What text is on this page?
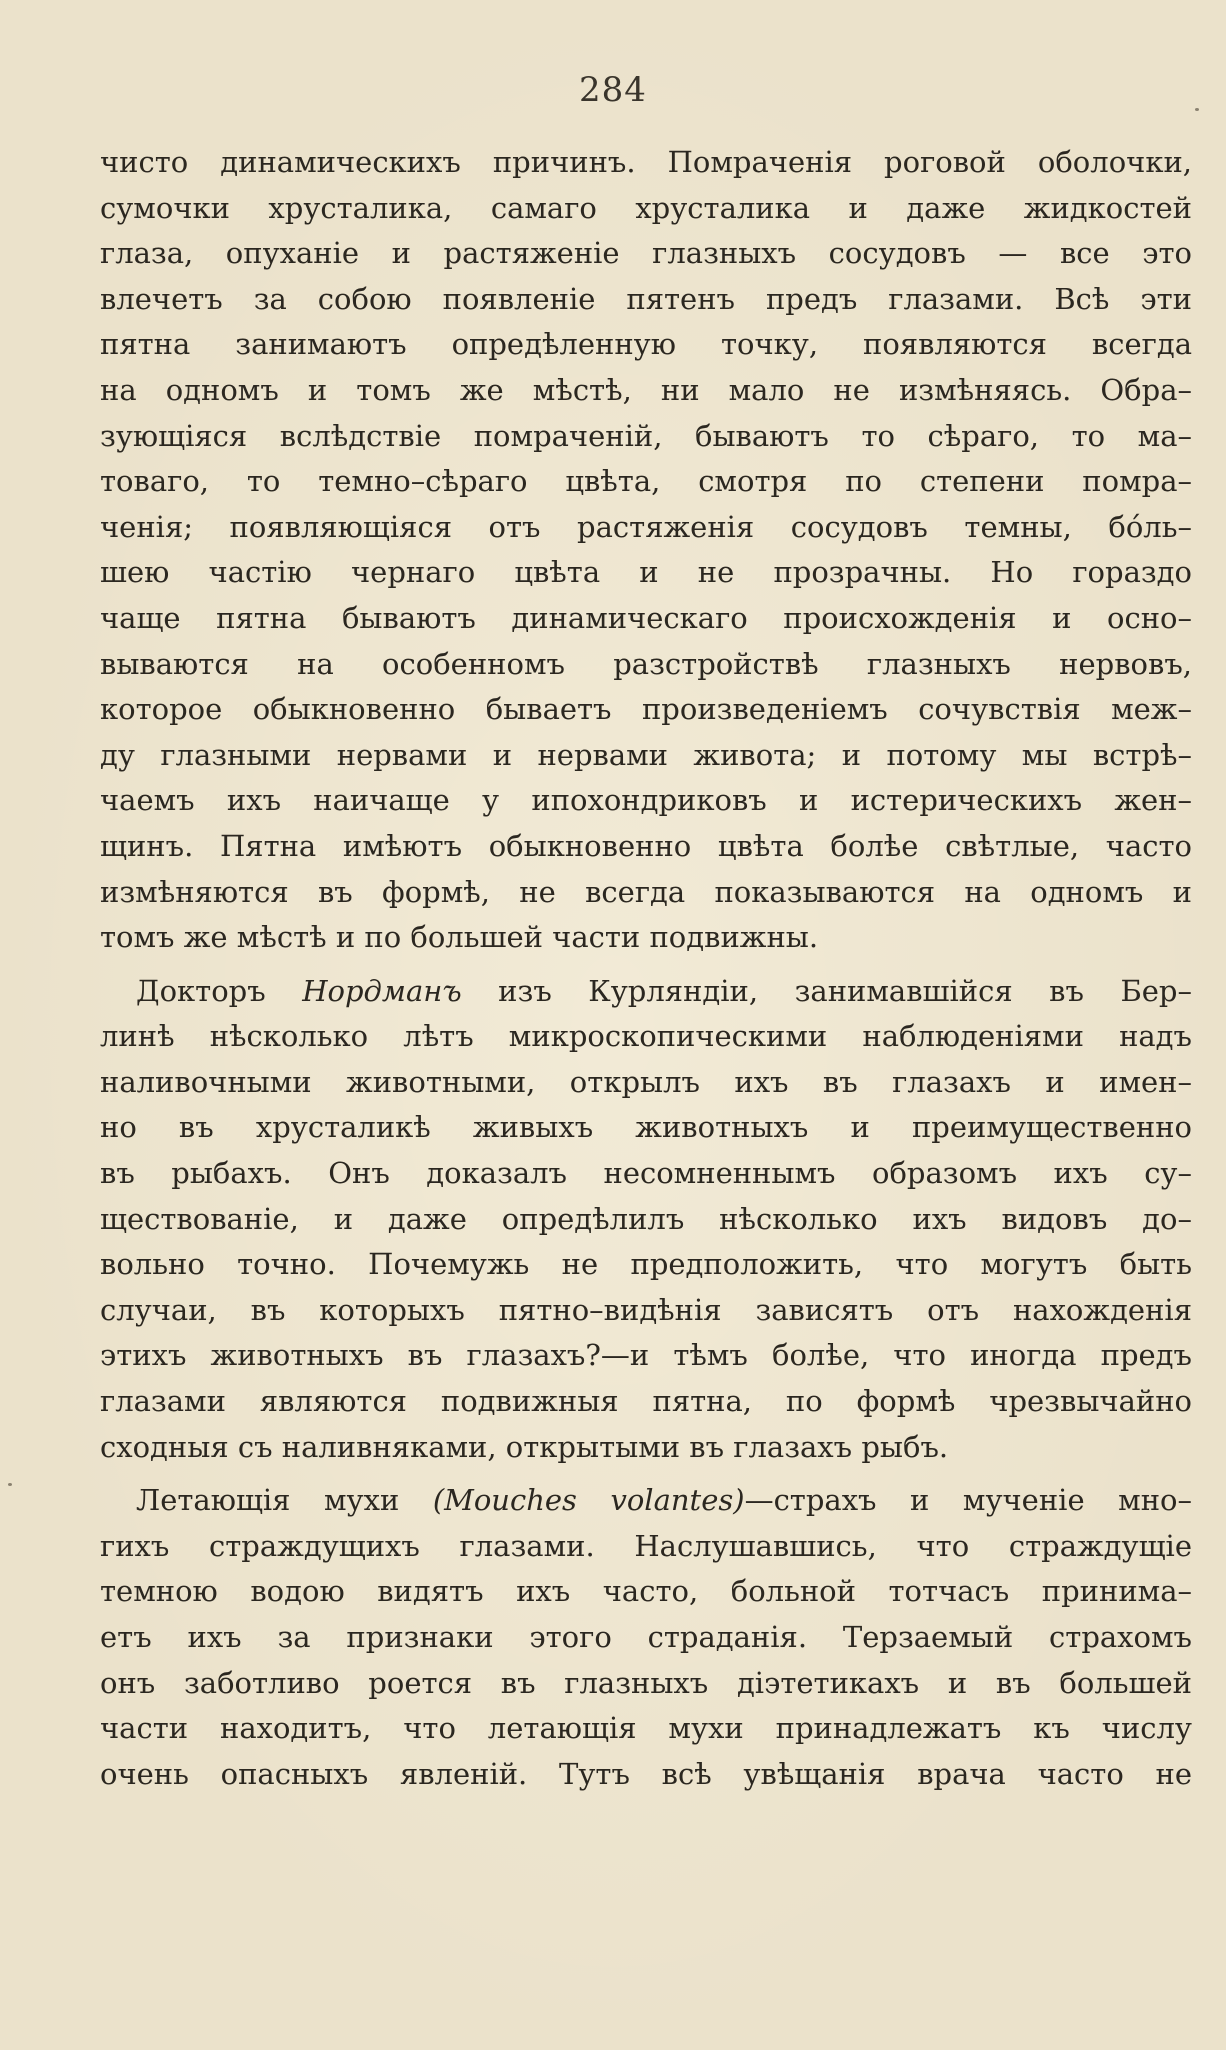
284
чисто динамическихъ причинъ. Помраченія роговой оболочки,
сумочки хрусталика, самаго хрусталика и даже жидкостей
глаза, опуханіе и растяженіе глазныхъ сосудовъ — все это
влечетъ за собою появленіе пятенъ предъ глазами. Всѣ эти
пятна занимаютъ опредѣленную точку, появляются всегда
на одномъ и томъ же мѣстѣ, ни мало не измѣняясь. Обра–
зующіяся вслѣдствіе помраченій, бываютъ то сѣраго, то ма–
товаго, то темно–сѣраго цвѣта, смотря по степени помра–
ченія; появляющіяся отъ растяженія сосудовъ темны, бóль–
шею частію чернаго цвѣта и не прозрачны. Но гораздо
чаще пятна бываютъ динамическаго происхожденія и осно–
вываются на особенномъ разстройствѣ глазныхъ нервовъ,
которое обыкновенно бываетъ произведеніемъ сочувствія меж–
ду глазными нервами и нервами живота; и потому мы встрѣ–
чаемъ ихъ наичаще у ипохондриковъ и истерическихъ жен–
щинъ. Пятна имѣютъ обыкновенно цвѣта болѣе свѣтлые, часто
измѣняются въ формѣ, не всегда показываются на одномъ и
томъ же мѣстѣ и по большей части подвижны.
Докторъ Нордманъ изъ Курляндіи, занимавшійся въ Бер–
линѣ нѣсколько лѣтъ микроскопическими наблюденіями надъ
наливочными животными, открылъ ихъ въ глазахъ и имен–
но въ хрусталикѣ живыхъ животныхъ и преимущественно
въ рыбахъ. Онъ доказалъ несомненнымъ образомъ ихъ су–
ществованіе, и даже опредѣлилъ нѣсколько ихъ видовъ до–
вольно точно. Почемужь не предположить, что могутъ быть
случаи, въ которыхъ пятно–видѣнія зависятъ отъ нахожденія
этихъ животныхъ въ глазахъ?—и тѣмъ болѣе, что иногда предъ
глазами являются подвижныя пятна, по формѣ чрезвычайно
сходныя съ наливняками, открытыми въ глазахъ рыбъ.
Летающія мухи (Mouches volantes)—страхъ и мученіе мно–
гихъ страждущихъ глазами. Наслушавшись, что страждущіе
темною водою видятъ ихъ часто, больной тотчасъ принима–
етъ ихъ за признаки этого страданія. Терзаемый страхомъ
онъ заботливо роется въ глазныхъ діэтетикахъ и въ большей
части находитъ, что летающія мухи принадлежатъ къ числу
очень опасныхъ явленій. Тутъ всѣ увѣщанія врача часто не
